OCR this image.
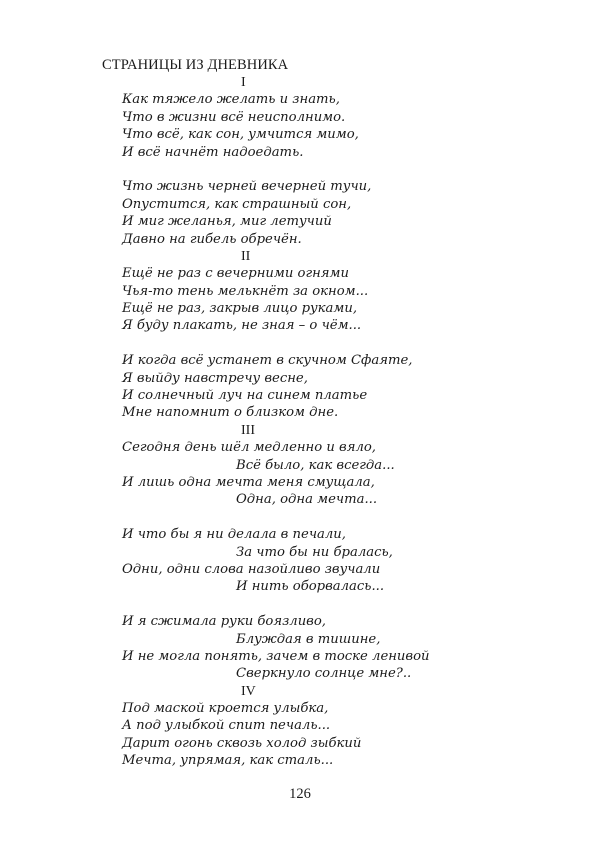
СТРАНИЦЫ ИЗ ДНЕВНИКА
I
Как тяжело желать и знать,
Что в жизни всё неисполнимо.
Что всё, как сон, умчится мимо,
И всё начнёт надоедать.
Что жизнь черней вечерней тучи,
Опустится, как страшный сон,
И миг желанья, миг летучий
Давно на гибель обречён.
II
Ещё не раз с вечерними огнями
Чья-то тень мелькнёт за окном...
Ещё не раз, закрыв лицо руками,
Я буду плакать, не зная – о чём...
И когда всё устанет в скучном Сфаяте,
Я выйду навстречу весне,
И солнечный луч на синем платье
Мне напомнит о близком дне.
III
Сегодня день шёл медленно и вяло,
Всё было, как всегда...
И лишь одна мечта меня смущала,
Одна, одна мечта...
И что бы я ни делала в печали,
За что бы ни бралась,
Одни, одни слова назойливо звучали
И нить оборвалась...
И я сжимала руки боязливо,
Блуждая в тишине,
И не могла понять, зачем в тоске ленивой
Сверкнуло солнце мне?..
IV
Под маской кроется улыбка,
А под улыбкой спит печаль...
Дарит огонь сквозь холод зыбкий
Мечта, упрямая, как сталь...
126
